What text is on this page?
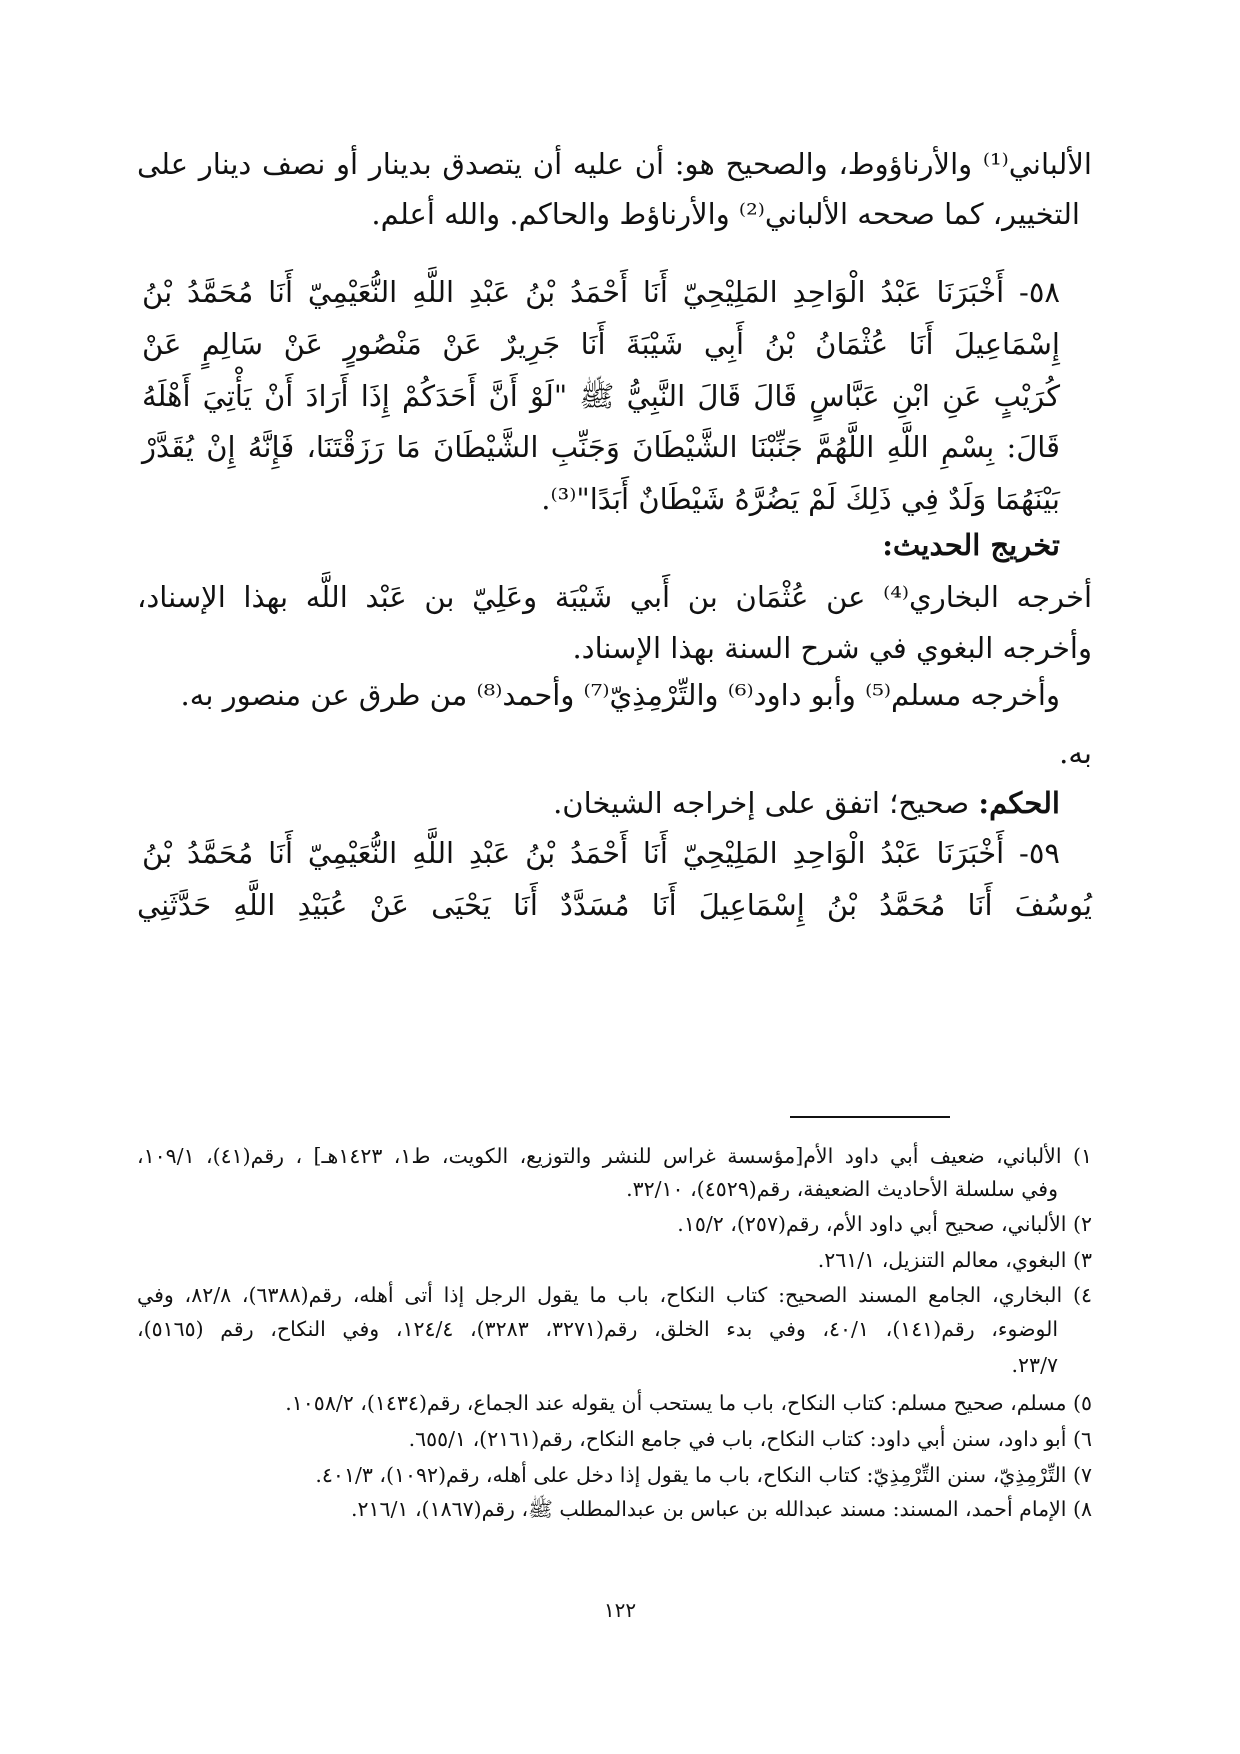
الألباني⁽¹⁾ والأرناؤوط، والصحيح هو: أن عليه أن يتصدق بدينار أو نصف دينار على
التخيير، كما صححه الألباني⁽²⁾ والأرناؤط والحاكم. والله أعلم.
٥٨- أَخْبَرَنَا عَبْدُ الْوَاحِدِ المَلِيْحِيّ أَنَا أَحْمَدُ بْنُ عَبْدِ اللَّهِ النُّعَيْمِيّ أَنَا مُحَمَّدُ بْنُ
إِسْمَاعِيلَ أَنَا عُثْمَانُ بْنُ أَبِي شَيْبَةَ أَنَا جَرِيرٌ عَنْ مَنْصُورٍ عَنْ سَالِمٍ عَنْ
كُرَيْبٍ عَنِ ابْنِ عَبَّاسٍ قَالَ قَالَ النَّبِيُّ ﷺ "لَوْ أَنَّ أَحَدَكُمْ إِذَا أَرَادَ أَنْ يَأْتِيَ أَهْلَهُ
قَالَ: بِسْمِ اللَّهِ اللَّهُمَّ جَنِّبْنَا الشَّيْطَانَ وَجَنِّبِ الشَّيْطَانَ مَا رَزَقْتَنَا، فَإِنَّهُ إِنْ يُقَدَّرْ
بَيْنَهُمَا وَلَدٌ فِي ذَلِكَ لَمْ يَضُرَّهُ شَيْطَانٌ أَبَدًا"⁽³⁾.
تخريج الحديث:
أخرجه البخاري⁽⁴⁾ عن عُثْمَان بن أَبي شَيْبَة وعَلِيّ بن عَبْد اللَّه بهذا الإسناد،
وأخرجه البغوي في شرح السنة بهذا الإسناد.
وأخرجه مسلم⁽⁵⁾ وأبو داود⁽⁶⁾ والتِّرْمِذِيّ⁽⁷⁾ وأحمد⁽⁸⁾ من طرق عن منصور به.
به.
الحكم: صحيح؛ اتفق على إخراجه الشيخان.
٥٩- أَخْبَرَنَا عَبْدُ الْوَاحِدِ المَلِيْحِيّ أَنَا أَحْمَدُ بْنُ عَبْدِ اللَّهِ النُّعَيْمِيّ أَنَا مُحَمَّدُ بْنُ
يُوسُفَ أَنَا مُحَمَّدُ بْنُ إِسْمَاعِيلَ أَنَا مُسَدَّدٌ أَنَا يَحْيَى عَنْ عُبَيْدِ اللَّهِ حَدَّثَنِي
١) الألباني، ضعيف أبي داود الأم[مؤسسة غراس للنشر والتوزيع، الكويت، ط١، ١٤٢٣هـ] ، رقم(٤١)، ١٠٩/١،
وفي سلسلة الأحاديث الضعيفة، رقم(٤٥٢٩)، ٣٢/١٠.
٢) الألباني، صحيح أبي داود الأم، رقم(٢٥٧)، ١٥/٢.
٣) البغوي، معالم التنزيل، ٢٦١/١.
٤) البخاري، الجامع المسند الصحيح: كتاب النكاح، باب ما يقول الرجل إذا أتى أهله، رقم(٦٣٨٨)، ٨٢/٨، وفي
الوضوء، رقم(١٤١)، ٤٠/١، وفي بدء الخلق، رقم(٣٢٧١، ٣٢٨٣)، ١٢٤/٤، وفي النكاح، رقم (٥١٦٥)،
٢٣/٧.
٥) مسلم، صحيح مسلم: كتاب النكاح، باب ما يستحب أن يقوله عند الجماع، رقم(١٤٣٤)، ١٠٥٨/٢.
٦) أبو داود، سنن أبي داود: كتاب النكاح، باب في جامع النكاح، رقم(٢١٦١)، ٦٥٥/١.
٧) التِّرْمِذِيّ، سنن التِّرْمِذِيّ: كتاب النكاح، باب ما يقول إذا دخل على أهله، رقم(١٠٩٢)، ٤٠١/٣.
٨) الإمام أحمد، المسند: مسند عبدالله بن عباس بن عبدالمطلب ﷺ، رقم(١٨٦٧)، ٢١٦/١.
١٢٢
